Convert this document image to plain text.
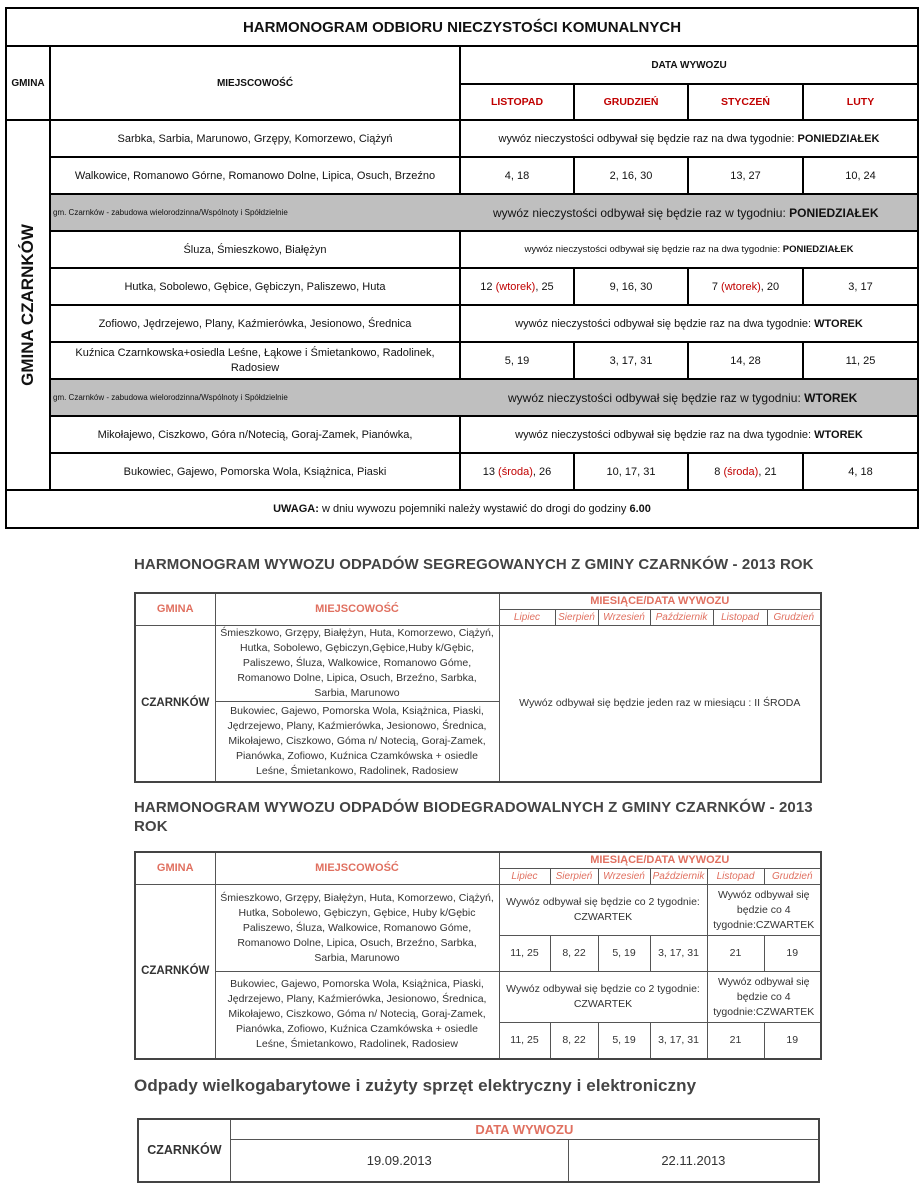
HARMONOGRAM ODBIORU NIECZYSTOŚCI KOMUNALNYCH					
GMINA	MIEJSCOWOŚĆ	DATA WYWOZU			
		LISTOPAD	GRUDZIEŃ	STYCZEŃ	LUTY

GMINA CZARNKÓW	Sarbka, Sarbia, Marunowo, Grzępy, Komorzewo, Ciążyń	wywóz nieczystości odbywał się będzie raz na dwa tygodnie: PONIEDZIAŁEK			
	Walkowice, Romanowo Górne, Romanowo Dolne, Lipica, Osuch, Brzeźno	4, 18	2, 16, 30	13, 27	10, 24
	gm. Czarnków - zabudowa wielorodzinna/Wspólnoty i Spółdzielnie	wywóz nieczystości odbywał się będzie raz w tygodniu: PONIEDZIAŁEK			
	Śluza, Śmieszkowo, Białężyn	wywóz nieczystości odbywał się będzie raz na dwa tygodnie: PONIEDZIAŁEK			
	Hutka, Sobolewo, Gębice, Gębiczyn, Paliszewo, Huta	12 (wtorek), 25	9, 16, 30	7 (wtorek), 20	3, 17
	Zofiowo, Jędrzejewo, Plany, Kaźmierówka, Jesionowo, Średnica	wywóz nieczystości odbywał się będzie raz na dwa tygodnie: WTOREK			
	Kuźnica Czarnkowska+osiedla Leśne, Łąkowe i Śmietankowo, Radolinek, Radosiew	5, 19	3, 17, 31	14, 28	11, 25
	gm. Czarnków - zabudowa wielorodzinna/Wspólnoty i Spółdzielnie	wywóz nieczystości odbywał się będzie raz w tygodniu: WTOREK			
	Mikołajewo, Ciszkowo, Góra n/Notecią, Goraj-Zamek, Pianówka,	wywóz nieczystości odbywał się będzie raz na dwa tygodnie: WTOREK			
	Bukowiec, Gajewo, Pomorska Wola, Książnica, Piaski	13 (środa), 26	10, 17, 31	8 (środa), 21	4, 18
UWAGA: w dniu wywozu pojemniki należy wystawić do drogi do godziny 6.00					
HARMONOGRAM WYWOZU ODPADÓW SEGREGOWANYCH Z GMINY CZARNKÓW - 2013 ROK
GMINA	MIEJSCOWOŚĆ	MIESIĄCE/DATA WYWOZU					
		Lipiec	Sierpień	Wrzesień	Październik	Listopad	Grudzień
CZARNKÓW	Śmieszkowo, Grzępy, Białężyn, Huta, Komorzewo, Ciążyń, Hutka, Sobolewo, Gębiczyn,Gębice,Huby k/Gębic, Paliszewo, Śluza, Walkowice, Romanowo Góme, Romanowo Dolne, Lipica, Osuch, Brzeźno, Sarbka, Sarbia, Marunowo	Wywóz odbywał się będzie jeden raz w miesiącu : II ŚRODA					
	Bukowiec, Gajewo, Pomorska Wola, Książnica, Piaski, Jędrzejewo, Plany, Kaźmierówka, Jesionowo, Średnica, Mikołajewo, Ciszkowo, Góma n/ Notecią, Goraj-Zamek, Pianówka, Zofiowo, Kuźnica Czamkówska + osiedle Leśne, Śmietankowo, Radolinek, Radosiew						
HARMONOGRAM WYWOZU ODPADÓW BIODEGRADOWALNYCH Z GMINY CZARNKÓW - 2013 ROK
GMINA	MIEJSCOWOŚĆ	MIESIĄCE/DATA WYWOZU					
		Lipiec	Sierpień	Wrzesień	Październik	Listopad	Grudzień
CZARNKÓW	Śmieszkowo, Grzępy, Białężyn, Huta, Komorzewo, Ciążyń, Hutka, Sobolewo, Gębiczyn, Gębice, Huby k/Gębic Paliszewo, Śluza, Walkowice, Romanowo Góme, Romanowo Dolne, Lipica, Osuch, Brzeźno, Sarbka, Sarbia, Marunowo	Wywóz odbywał się będzie co 2 tygodnie: CZWARTEK				Wywóz odbywał się będzie co 4 tygodnie:CZWARTEK	
		11, 25	8, 22	5, 19	3, 17, 31	21	19
	Bukowiec, Gajewo, Pomorska Wola, Książnica, Piaski, Jędrzejewo, Plany, Kaźmierówka, Jesionowo, Średnica, Mikołajewo, Ciszkowo, Góma n/ Notecią, Goraj-Zamek, Pianówka, Zofiowo, Kuźnica Czamkówska + osiedle Leśne, Śmietankowo, Radolinek, Radosiew	Wywóz odbywał się będzie co 2 tygodnie: CZWARTEK				Wywóz odbywał się będzie co 4 tygodnie:CZWARTEK	
		11, 25	8, 22	5, 19	3, 17, 31	21	19
Odpady wielkogabarytowe i zużyty sprzęt elektryczny i elektroniczny
CZARNKÓW	DATA WYWOZU	
	19.09.2013	22.11.2013
